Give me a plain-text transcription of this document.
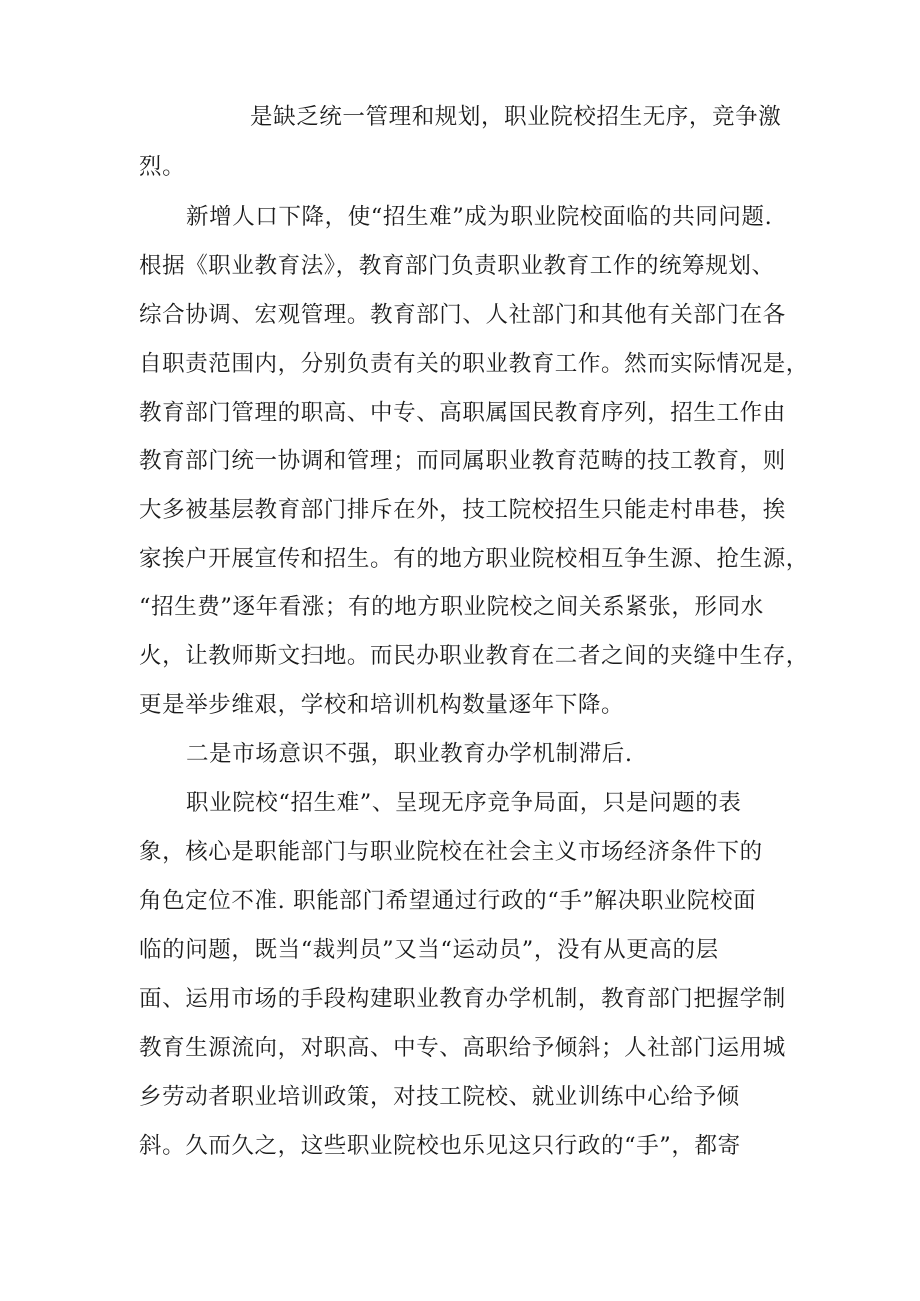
是缺乏统一管理和规划，职业院校招生无序，竞争激
烈。
新增人口下降，使“招生难”成为职业院校面临的共同问题.
根据《职业教育法》，教育部门负责职业教育工作的统筹规划、
综合协调、宏观管理。教育部门、人社部门和其他有关部门在各
自职责范围内，分别负责有关的职业教育工作。然而实际情况是，
教育部门管理的职高、中专、高职属国民教育序列，招生工作由
教育部门统一协调和管理；而同属职业教育范畴的技工教育，则
大多被基层教育部门排斥在外，技工院校招生只能走村串巷，挨
家挨户开展宣传和招生。有的地方职业院校相互争生源、抢生源，
“招生费”逐年看涨；有的地方职业院校之间关系紧张，形同水
火，让教师斯文扫地。而民办职业教育在二者之间的夹缝中生存，
更是举步维艰，学校和培训机构数量逐年下降。
二是市场意识不强，职业教育办学机制滞后.
职业院校“招生难”、呈现无序竞争局面，只是问题的表
象，核心是职能部门与职业院校在社会主义市场经济条件下的
角色定位不准. 职能部门希望通过行政的“手”解决职业院校面
临的问题，既当“裁判员”又当“运动员”，没有从更高的层
面、运用市场的手段构建职业教育办学机制，教育部门把握学制
教育生源流向，对职高、中专、高职给予倾斜；人社部门运用城
乡劳动者职业培训政策，对技工院校、就业训练中心给予倾
斜。久而久之，这些职业院校也乐见这只行政的“手”，都寄
